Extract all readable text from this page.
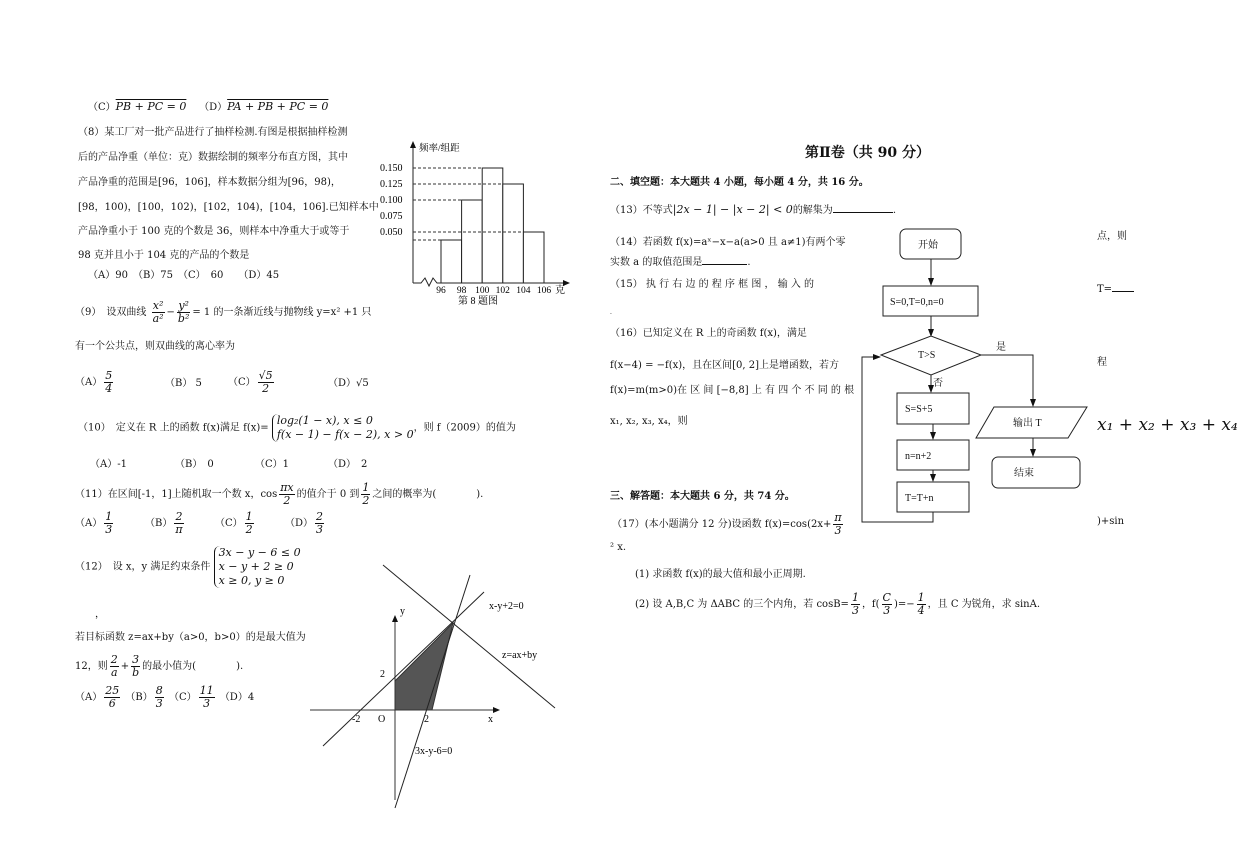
（C）PB + PC = 0 （D）PA + PB + PC = 0
（8）某工厂对一批产品进行了抽样检测.有图是根据抽样检测
后的产品净重（单位：克）数据绘制的频率分布直方图，其中
产品净重的范围是[96，106]，样本数据分组为[96，98)，
[98，100)，[100，102)，[102，104)，[104，106].已知样本中
产品净重小于 100 克的个数是 36，则样本中净重大于或等于
98 克并且小于 104 克的产品的个数是
（A）90　（B）75　（C）　60　　（D）45
0.150
0.125
0.100
0.075
0.050
96 98 100 102 104 106
频率/组距
克
第 8 题图
（9）　设双曲线 $\frac{\text{x²}}{\text{a²}} - \frac{\text{y²}}{\text{b²}} = 1$ 的一条渐近线与抛物线 y=x² +1 只
有一个公共点，则双曲线的离心率为
$(A) \frac{5}{4}$	（B） 5	$(C) \frac{√5}{2}$	（D）√5
（10）　定义在 R 上的函数 f(x)满足 f(x)=
log₂(1 − x), x ≤ 0
f(x − 1) − f(x − 2), x > 0 ，则 f（2009）的值为
（A）-1	（B）　0	（C）1	（D）　2
（11）在区间[-1，1]上随机取一个数 x，$\cos \frac{\pi x}{2}$ 的值介于 0 到 $\frac{1}{2}$ 之间的概率为(　　　　).
$(A) \frac{1}{3}$	$(B) \frac{2}{\pi}$	$(C) \frac{1}{2}$	$(D) \frac{2}{3}$
（12）　设 x，y 满足约束条件
3x − y − 6 ≤ 0
x − y + 2 ≥ 0
x ≥ 0, y ≥ 0
，
若目标函数 z=ax+by（a>0，b>0）的是最大值为
12，则 $\frac{2}{a} + \frac{3}{b}$ 的最小值为(　　　　).
$(A) \frac{25}{6} (B) \frac{8}{3} (C) \frac{11}{3} (D)4$
x
y
O
-2	2
2
x-y+2=0
z=ax+by
3x-y-6=0
第Ⅱ卷（共 90 分）
二、填空题：本大题共 4 小题，每小题 4 分，共 16 分。
（13）不等式|2x − 1| − |x − 2| < 0的解集为	.
（14）若函数 f(x)=aˣ−x−a(a>0 且 a≠1)有两个零
实数 a 的取值范围是	.
（15） 执 行 右 边 的 程 序 框 图 ， 输 入 的
.
（16）已知定义在 R 上的奇函数 f(x)，满足
f(x−4) = −f(x)，且在区间[0, 2]上是增函数，若方
f(x)=m(m>0)在 区 间 [−8,8] 上 有 四 个 不 同 的 根
x₁, x₂, x₃, x₄，则
点，则
T=
程
x₁ + x₂ + x₃ + x₄
开始
S=0,T=0,n=0
T>S
是
否
S=S+5
n=n+2
T=T+n
输出 T
结束
三、解答题：本大题共 6 分，共 74 分。
（17）(本小题满分 12 分)设函数 $f(x)=\cos(2x+ \frac{\pi}{3}$	)+sin
² x.
(1) 求函数 f(x)的最大值和最小正周期.
(2) 设 A,B,C 为 ΔABC 的三个内角，若 $\cos B= \frac{1}{3}$ ，$f( \frac{C}{3}$ )=− $\frac{1}{4}$ ，且 C 为锐角，求 sinA.
